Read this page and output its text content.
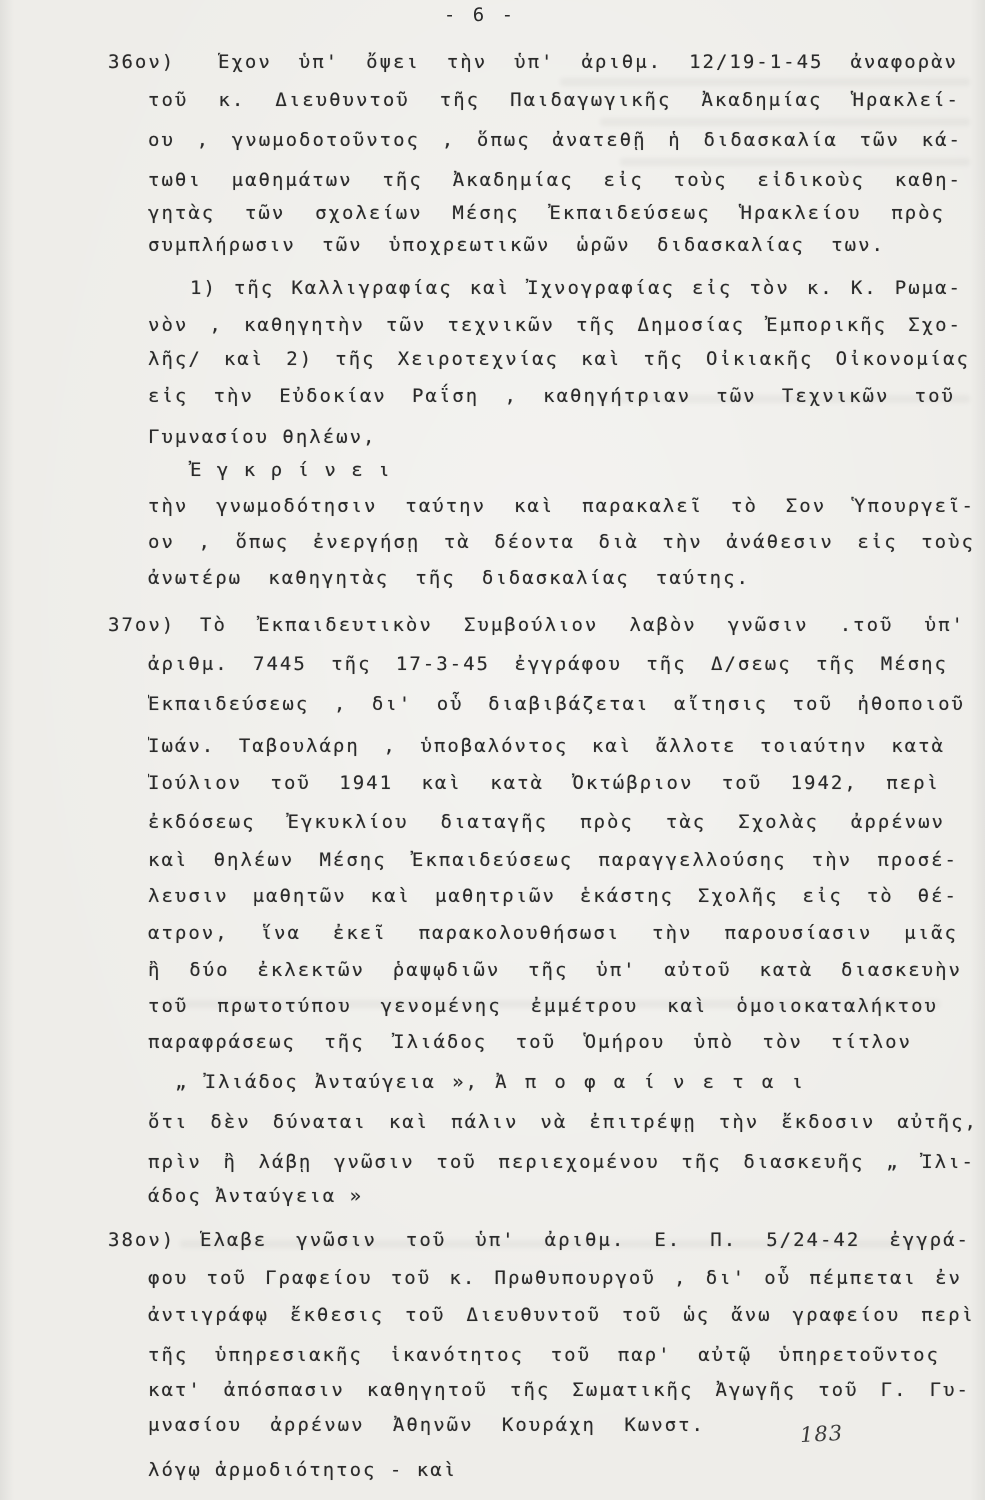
- 6 -
36ον) Ἔχον ὑπ' ὄψει τὴν ὑπ' ἀριθμ. 12/19-1-45 ἀναφορὰν
τοῦ κ. Διευθυντοῦ τῆς Παιδαγωγικῆς Ἀκαδημίας Ἡρακλεί-
ου , γνωμοδοτοῦντος , ὅπως ἀνατεθῇ ἡ διδασκαλία τῶν κά-
τωθι μαθημάτων τῆς Ἀκαδημίας εἰς τοὺς εἰδικοὺς καθη-
γητὰς τῶν σχολείων Μέσης Ἐκπαιδεύσεως Ἡρακλείου πρὸς
συμπλήρωσιν τῶν ὑποχρεωτικῶν ὡρῶν διδασκαλίας των.
1) τῆς Καλλιγραφίας καὶ Ἰχνογραφίας εἰς τὸν κ. Κ. Ρωμα-
νὸν , καθηγητὴν τῶν τεχνικῶν τῆς Δημοσίας Ἐμπορικῆς Σχο-
λῆς/ καὶ 2) τῆς Χειροτεχνίας καὶ τῆς Οἰκιακῆς Οἰκονομίας
εἰς τὴν Εὐδοκίαν Ραΐση , καθηγήτριαν τῶν Τεχνικῶν τοῦ
Γυμνασίου θηλέων,
Ἐ γ κ ρ ί ν ε ι
τὴν γνωμοδότησιν ταύτην καὶ παρακαλεῖ τὸ Σον Ὑπουργεῖ-
ον , ὅπως ἐνεργήσῃ τὰ δέοντα διὰ τὴν ἀνάθεσιν εἰς τοὺς
ἀνωτέρω καθηγητὰς τῆς διδασκαλίας ταύτης.
37ον) Τὸ Ἐκπαιδευτικὸν Συμβούλιον λαβὸν γνῶσιν .τοῦ ὑπ'
ἀριθμ. 7445 τῆς 17-3-45 ἐγγράφου τῆς Δ/σεως τῆς Μέσης
Ἐκπαιδεύσεως , δι' οὗ διαβιβάζεται αἴτησις τοῦ ἠθοποιοῦ
Ἰωάν. Ταβουλάρη , ὑποβαλόντος καὶ ἄλλοτε τοιαύτην κατὰ
Ἰούλιον τοῦ 1941 καὶ κατὰ Ὀκτώβριον τοῦ 1942, περὶ
ἐκδόσεως Ἐγκυκλίου διαταγῆς πρὸς τὰς Σχολὰς ἀρρένων
καὶ θηλέων Μέσης Ἐκπαιδεύσεως παραγγελλούσης τὴν προσέ-
λευσιν μαθητῶν καὶ μαθητριῶν ἑκάστης Σχολῆς εἰς τὸ θέ-
ατρον, ἵνα ἐκεῖ παρακολουθήσωσι τὴν παρουσίασιν μιᾶς
ἢ δύο ἐκλεκτῶν ῥαψῳδιῶν τῆς ὑπ' αὐτοῦ κατὰ διασκευὴν
τοῦ πρωτοτύπου γενομένης ἐμμέτρου καὶ ὁμοιοκαταλήκτου
παραφράσεως τῆς Ἰλιάδος τοῦ Ὁμήρου ὑπὸ τὸν τίτλον
„ Ἰλιάδος Ἀνταύγεια », Ἀ π ο φ α ί ν ε τ α ι
ὅτι δὲν δύναται καὶ πάλιν νὰ ἐπιτρέψῃ τὴν ἔκδοσιν αὐτῆς,
πρὶν ἢ λάβῃ γνῶσιν τοῦ περιεχομένου τῆς διασκευῆς „ Ἰλι-
άδος Ἀνταύγεια »
38ον) Ἔλαβε γνῶσιν τοῦ ὑπ' ἀριθμ. Ε. Π. 5/24-42 ἐγγρά-
φου τοῦ Γραφείου τοῦ κ. Πρωθυπουργοῦ , δι' οὗ πέμπεται ἐν
ἀντιγράφῳ ἔκθεσις τοῦ Διευθυντοῦ τοῦ ὡς ἄνω γραφείου περὶ
τῆς ὑπηρεσιακῆς ἱκανότητος τοῦ παρ' αὐτῷ ὑπηρετοῦντος
κατ' ἀπόσπασιν καθηγητοῦ τῆς Σωματικῆς Ἀγωγῆς τοῦ Γ. Γυ-
μνασίου ἀρρένων Ἀθηνῶν Κουράχη Κωνστ.
λόγῳ ἁρμοδιότητος - καὶ
183
